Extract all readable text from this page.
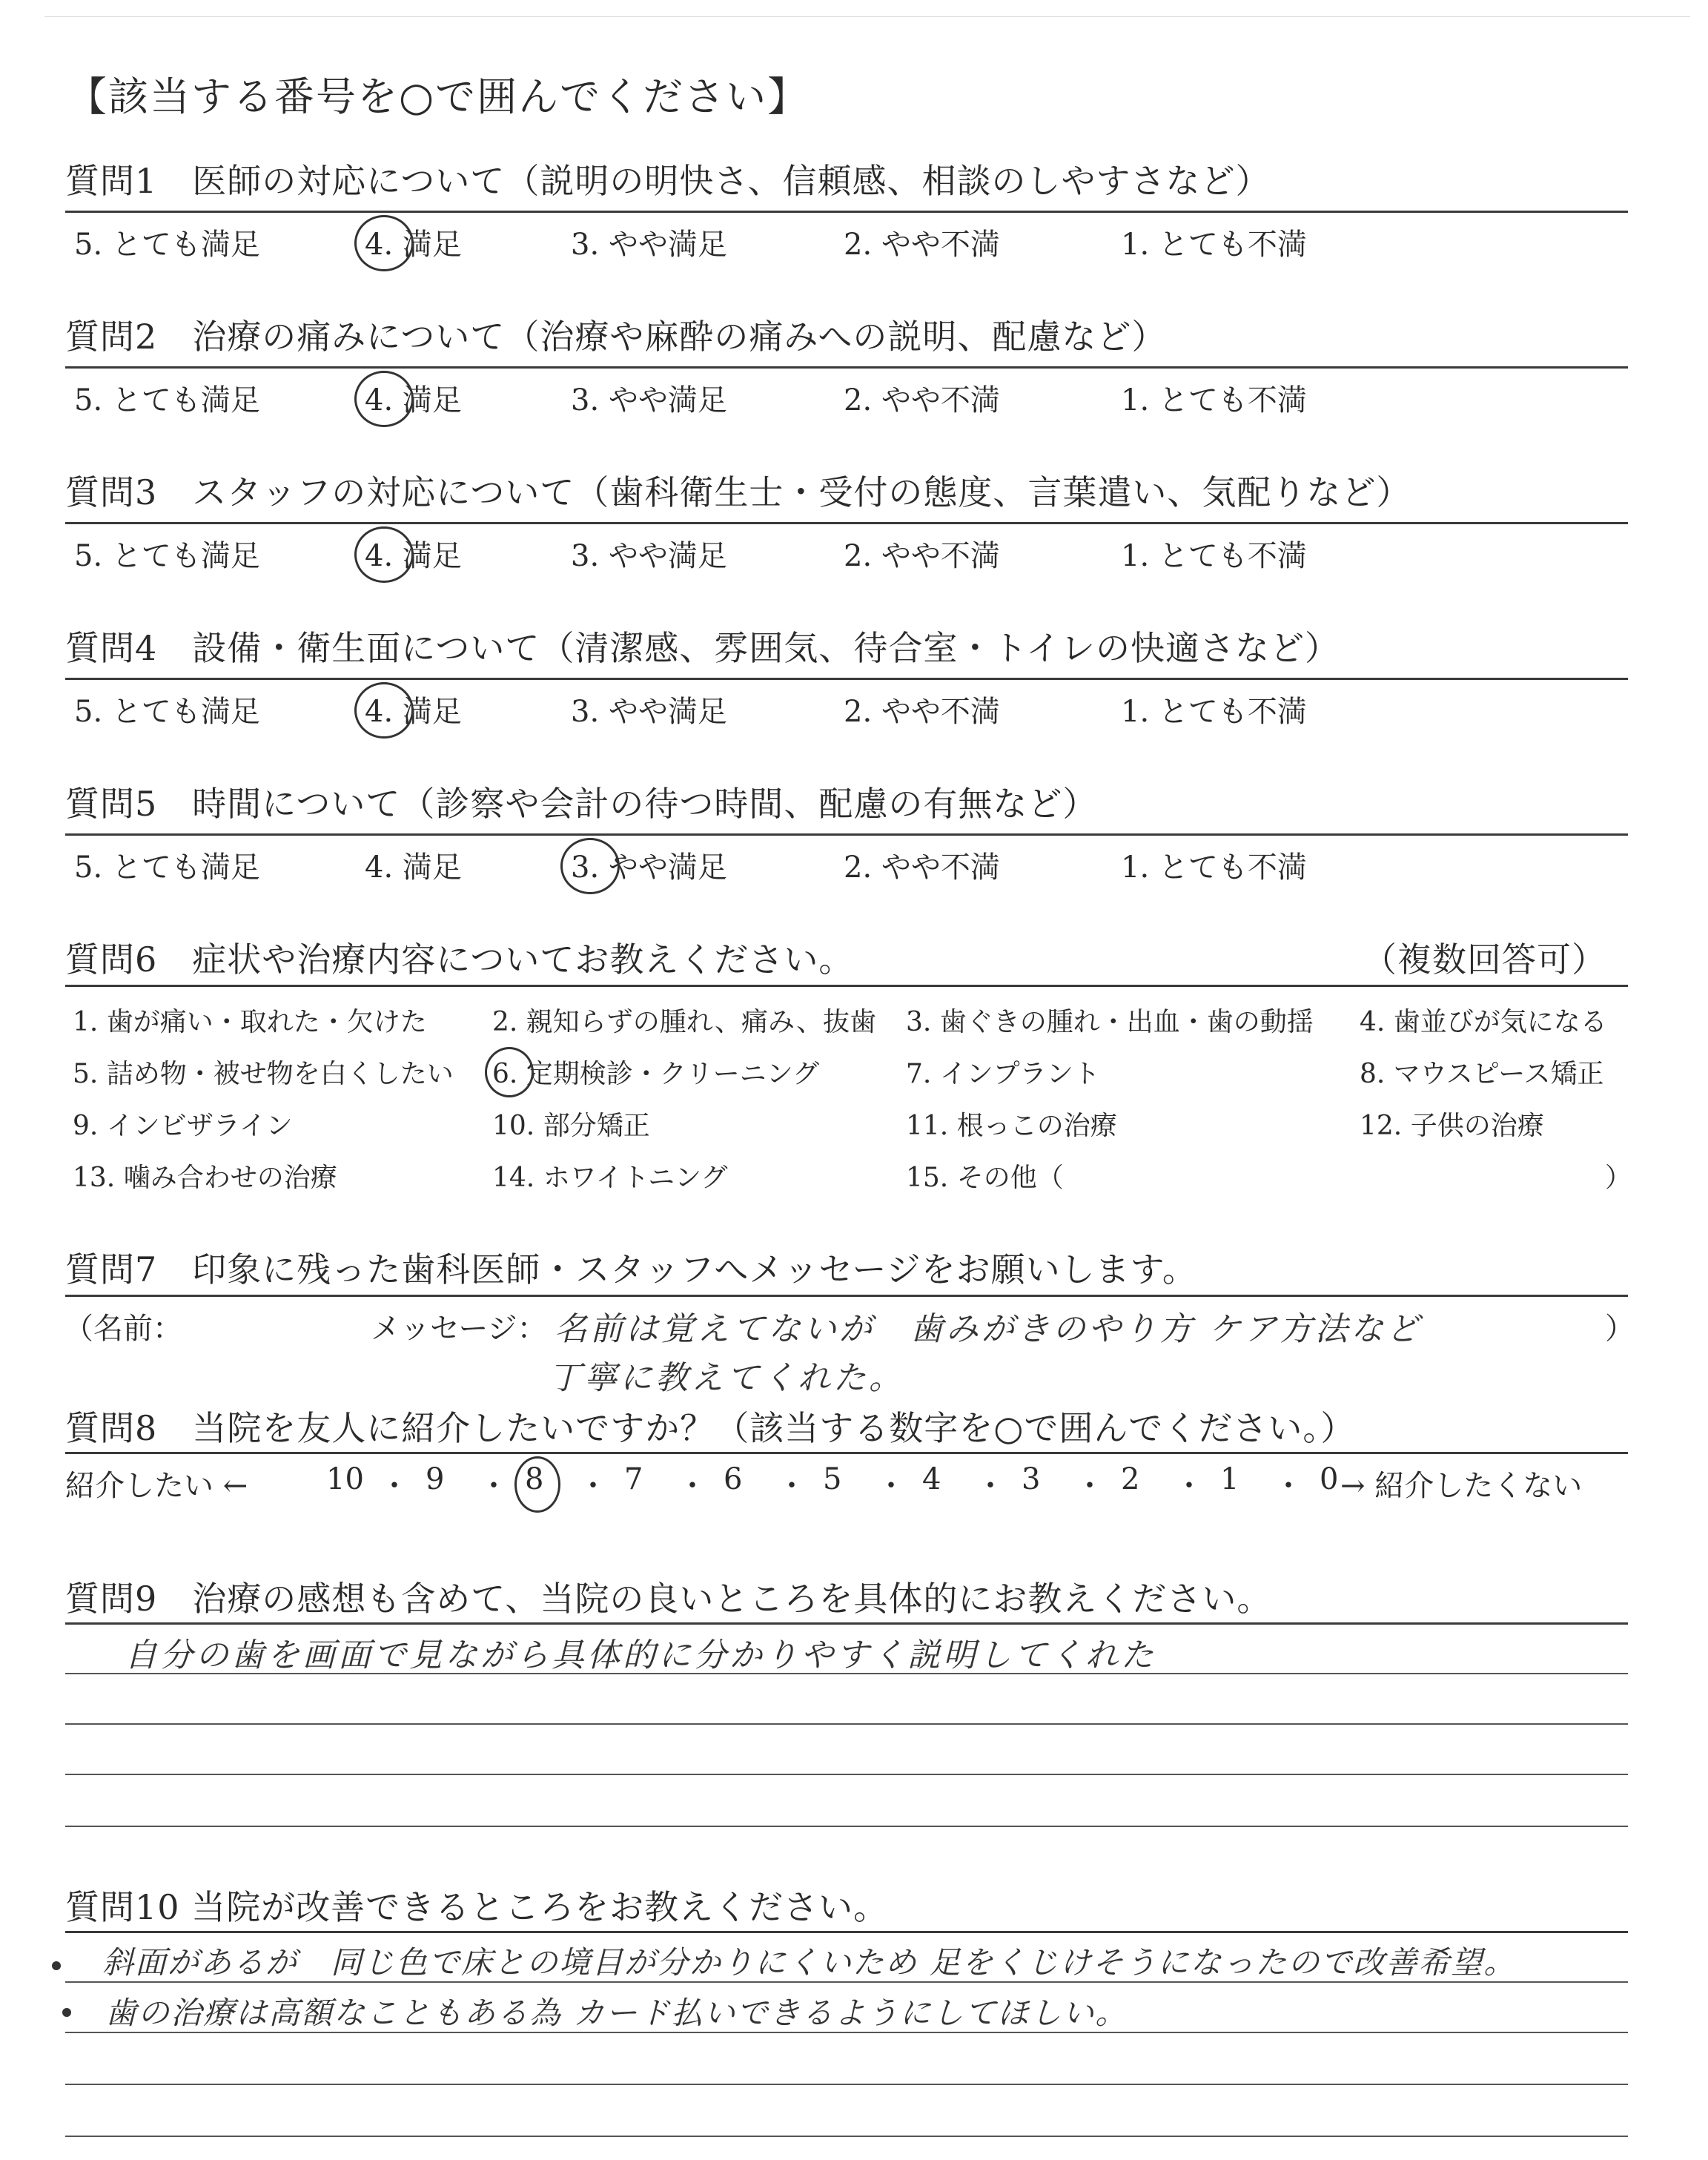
【該当する番号を○で囲んでください】
質問1　医師の対応について（説明の明快さ、信頼感、相談のしやすさなど）
5. とても満足	4. 満足	3. やや満足	2. やや不満	1. とても不満
質問2　治療の痛みについて（治療や麻酔の痛みへの説明、配慮など）
5. とても満足	4. 満足	3. やや満足	2. やや不満	1. とても不満
質問3　スタッフの対応について（歯科衛生士・受付の態度、言葉遣い、気配りなど）
5. とても満足	4. 満足	3. やや満足	2. やや不満	1. とても不満
質問4　設備・衛生面について（清潔感、雰囲気、待合室・トイレの快適さなど）
5. とても満足	4. 満足	3. やや満足	2. やや不満	1. とても不満
質問5　時間について（診察や会計の待つ時間、配慮の有無など）
5. とても満足	4. 満足	3. やや満足	2. やや不満	1. とても不満
質問6　症状や治療内容についてお教えください。	（複数回答可）
1. 歯が痛い・取れた・欠けた 2. 親知らずの腫れ、痛み、抜歯 3. 歯ぐきの腫れ・出血・歯の動揺 4. 歯並びが気になる
5. 詰め物・被せ物を白くしたい 6. 定期検診・クリーニング	7. インプラント	8. マウスピース矯正
9. インビザライン	10. 部分矯正	11. 根っこの治療	12. 子供の治療
13. 噛み合わせの治療	14. ホワイトニング	15. その他（	）
質問7　印象に残った歯科医師・スタッフへメッセージをお願いします。
（名前：	メッセージ： 名前は覚えてないが　歯みがきのやり方 ケア方法など
丁寧に教えてくれた。
）
質問8　当院を友人に紹介したいですか？（該当する数字を○で囲んでください。）
紹介したい ←	10 ・ 9 ・ 8 ・ 7 ・ 6 ・ 5 ・ 4 ・ 3 ・ 2 ・ 1 ・ 0 → 紹介したくない
質問9　治療の感想も含めて、当院の良いところを具体的にお教えください。
自分の歯を画面で見ながら具体的に分かりやすく説明してくれた
質問10 当院が改善できるところをお教えください。
斜面があるが　同じ色で床との境目が分かりにくいため 足をくじけそうになったので改善希望。
歯の治療は高額なこともある為 カード払いできるようにしてほしい。
